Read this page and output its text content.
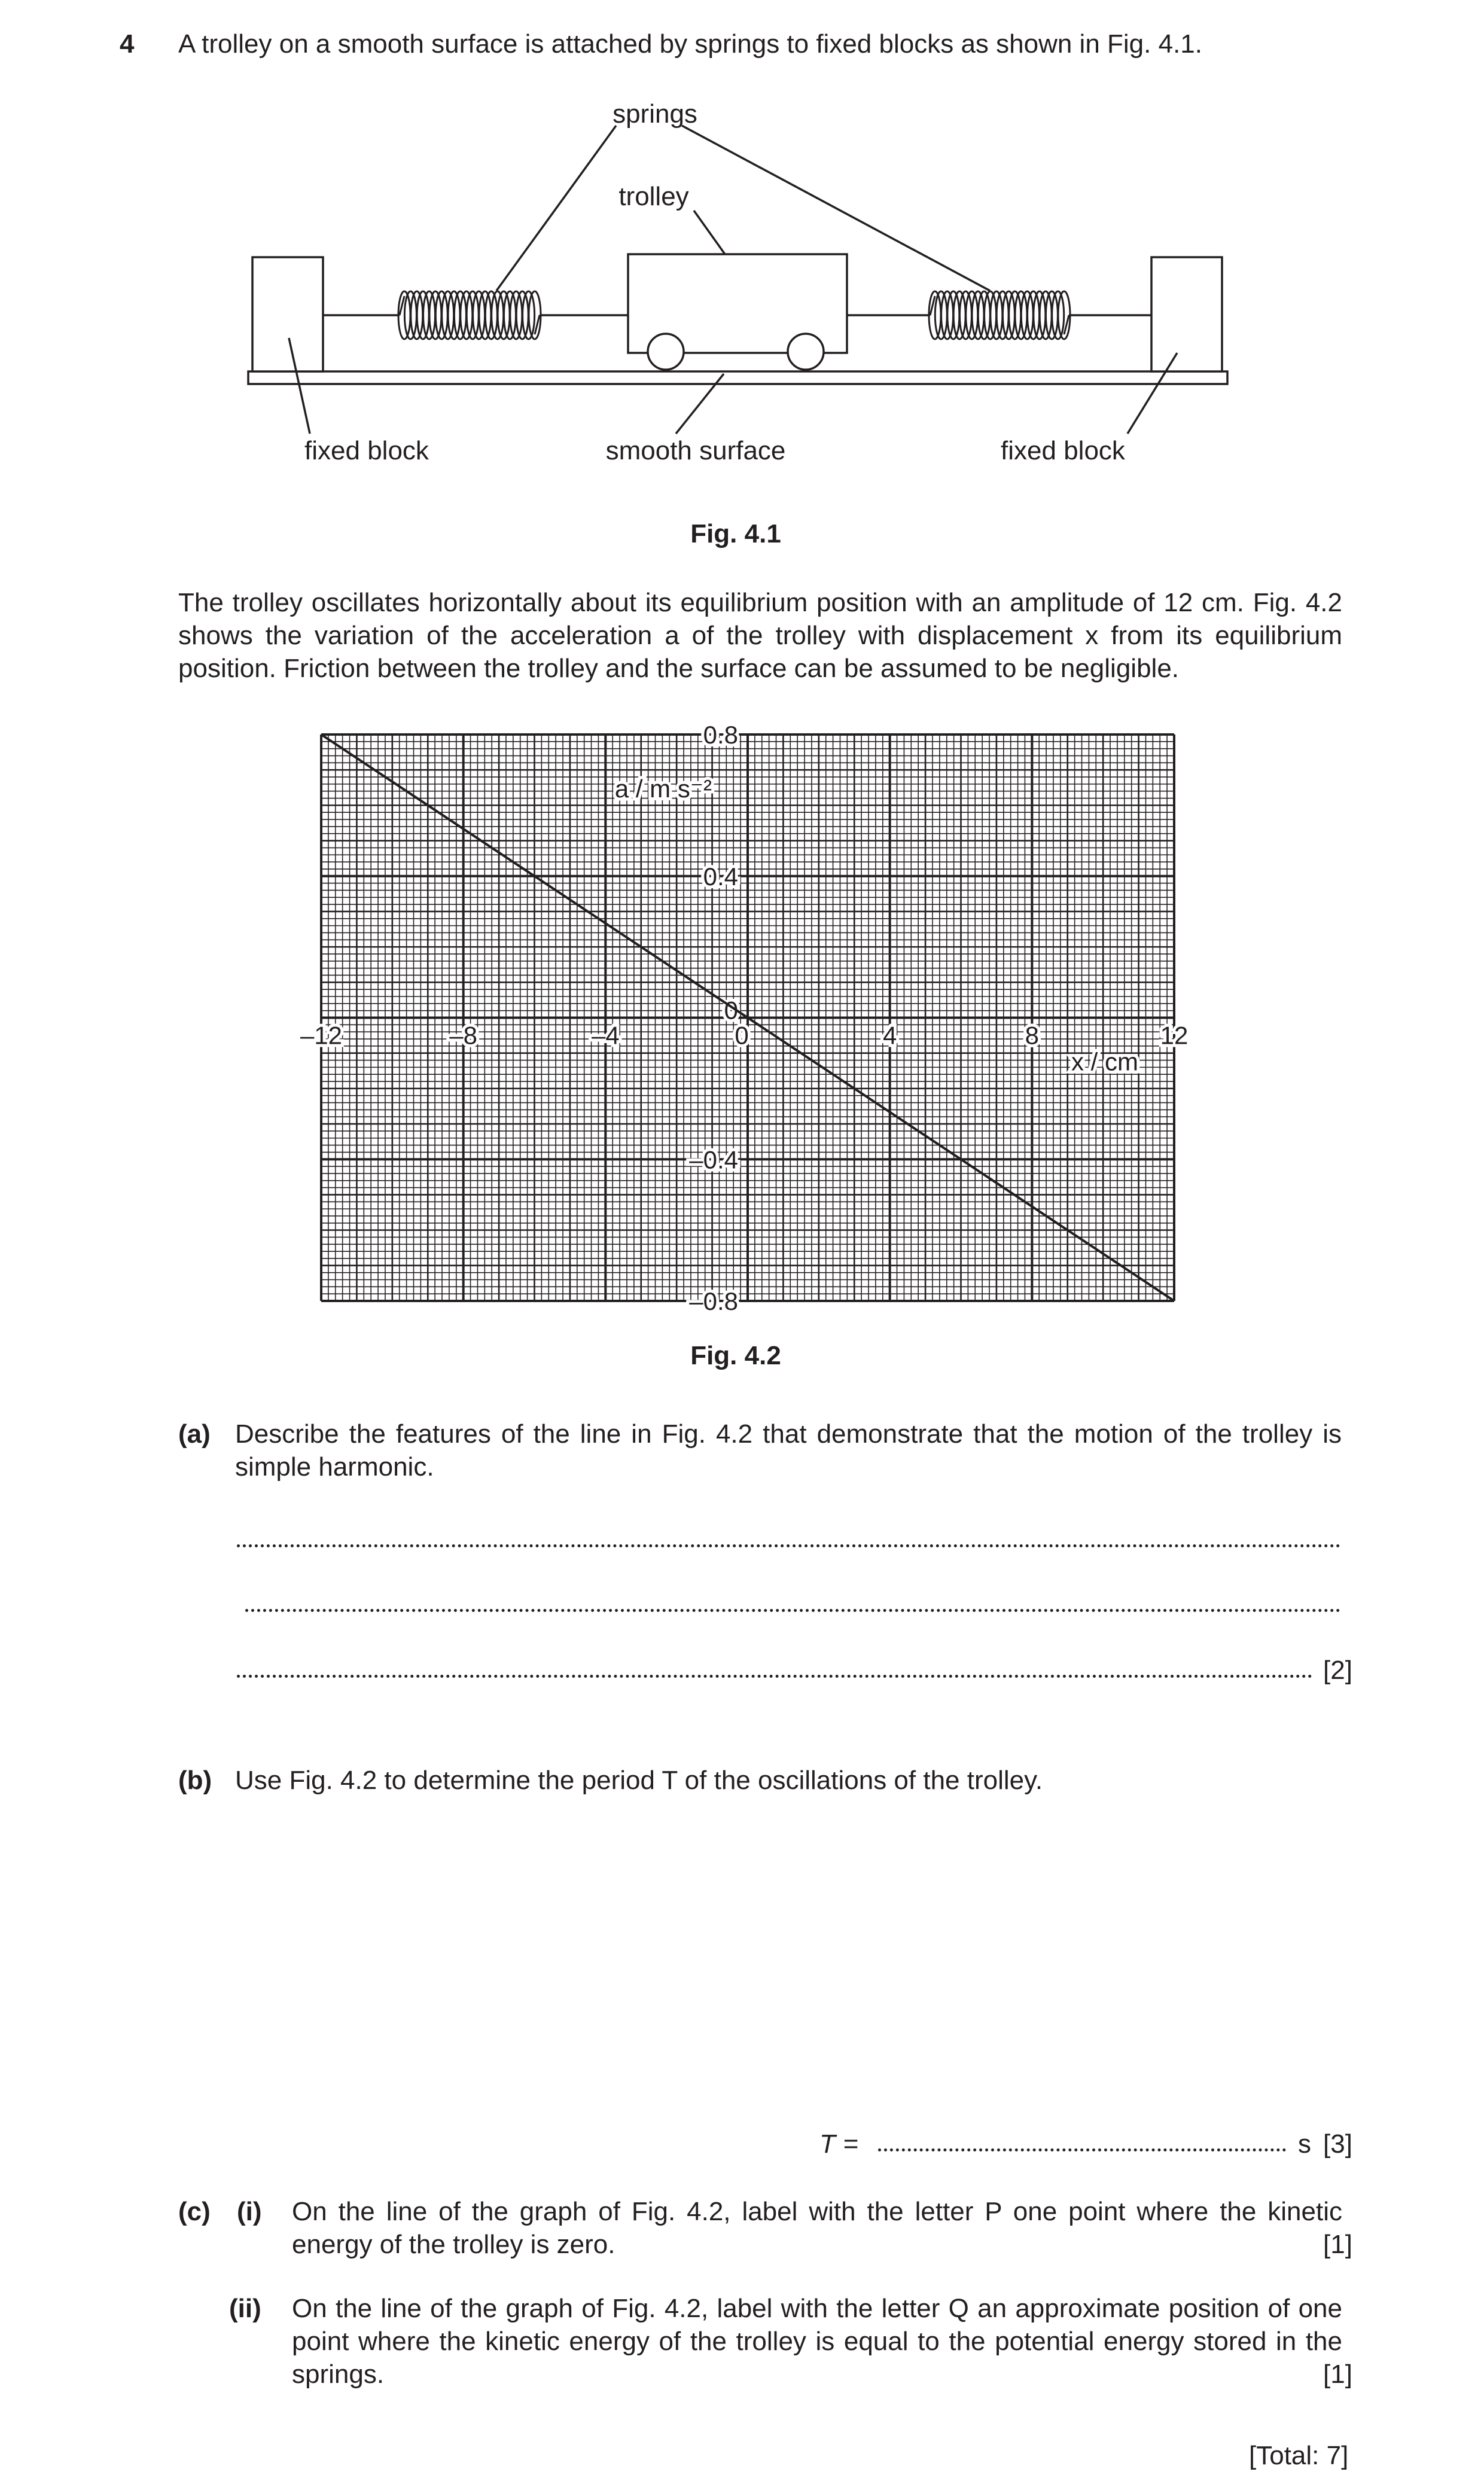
4 A trolley on a smooth surface is attached by springs to fixed blocks as shown in Fig. 4.1.
springs
trolley
fixed block	smooth surface	fixed block
Fig. 4.1
The trolley oscillates horizontally about its equilibrium position with an amplitude of 12 cm. Fig. 4.2
shows the variation of the acceleration a of the trolley with displacement x from its equilibrium
position. Friction between the trolley and the surface can be assumed to be negligible.
–12	–8	–4	0	4	8	12
0.8
0.4
–0.4
–0.8
0
a / m s⁻²
x / cm
Fig. 4.2
(a) Describe the features of the line in Fig. 4.2 that demonstrate that the motion of the trolley is
simple harmonic.
[2]
(b) Use Fig. 4.2 to determine the period T of the oscillations of the trolley.
T =	s [3]
(c) (i) On the line of the graph of Fig. 4.2, label with the letter P one point where the kinetic
energy of the trolley is zero.	[1]
(ii) On the line of the graph of Fig. 4.2, label with the letter Q an approximate position of one
point where the kinetic energy of the trolley is equal to the potential energy stored in the
springs.	[1]
[Total: 7]
